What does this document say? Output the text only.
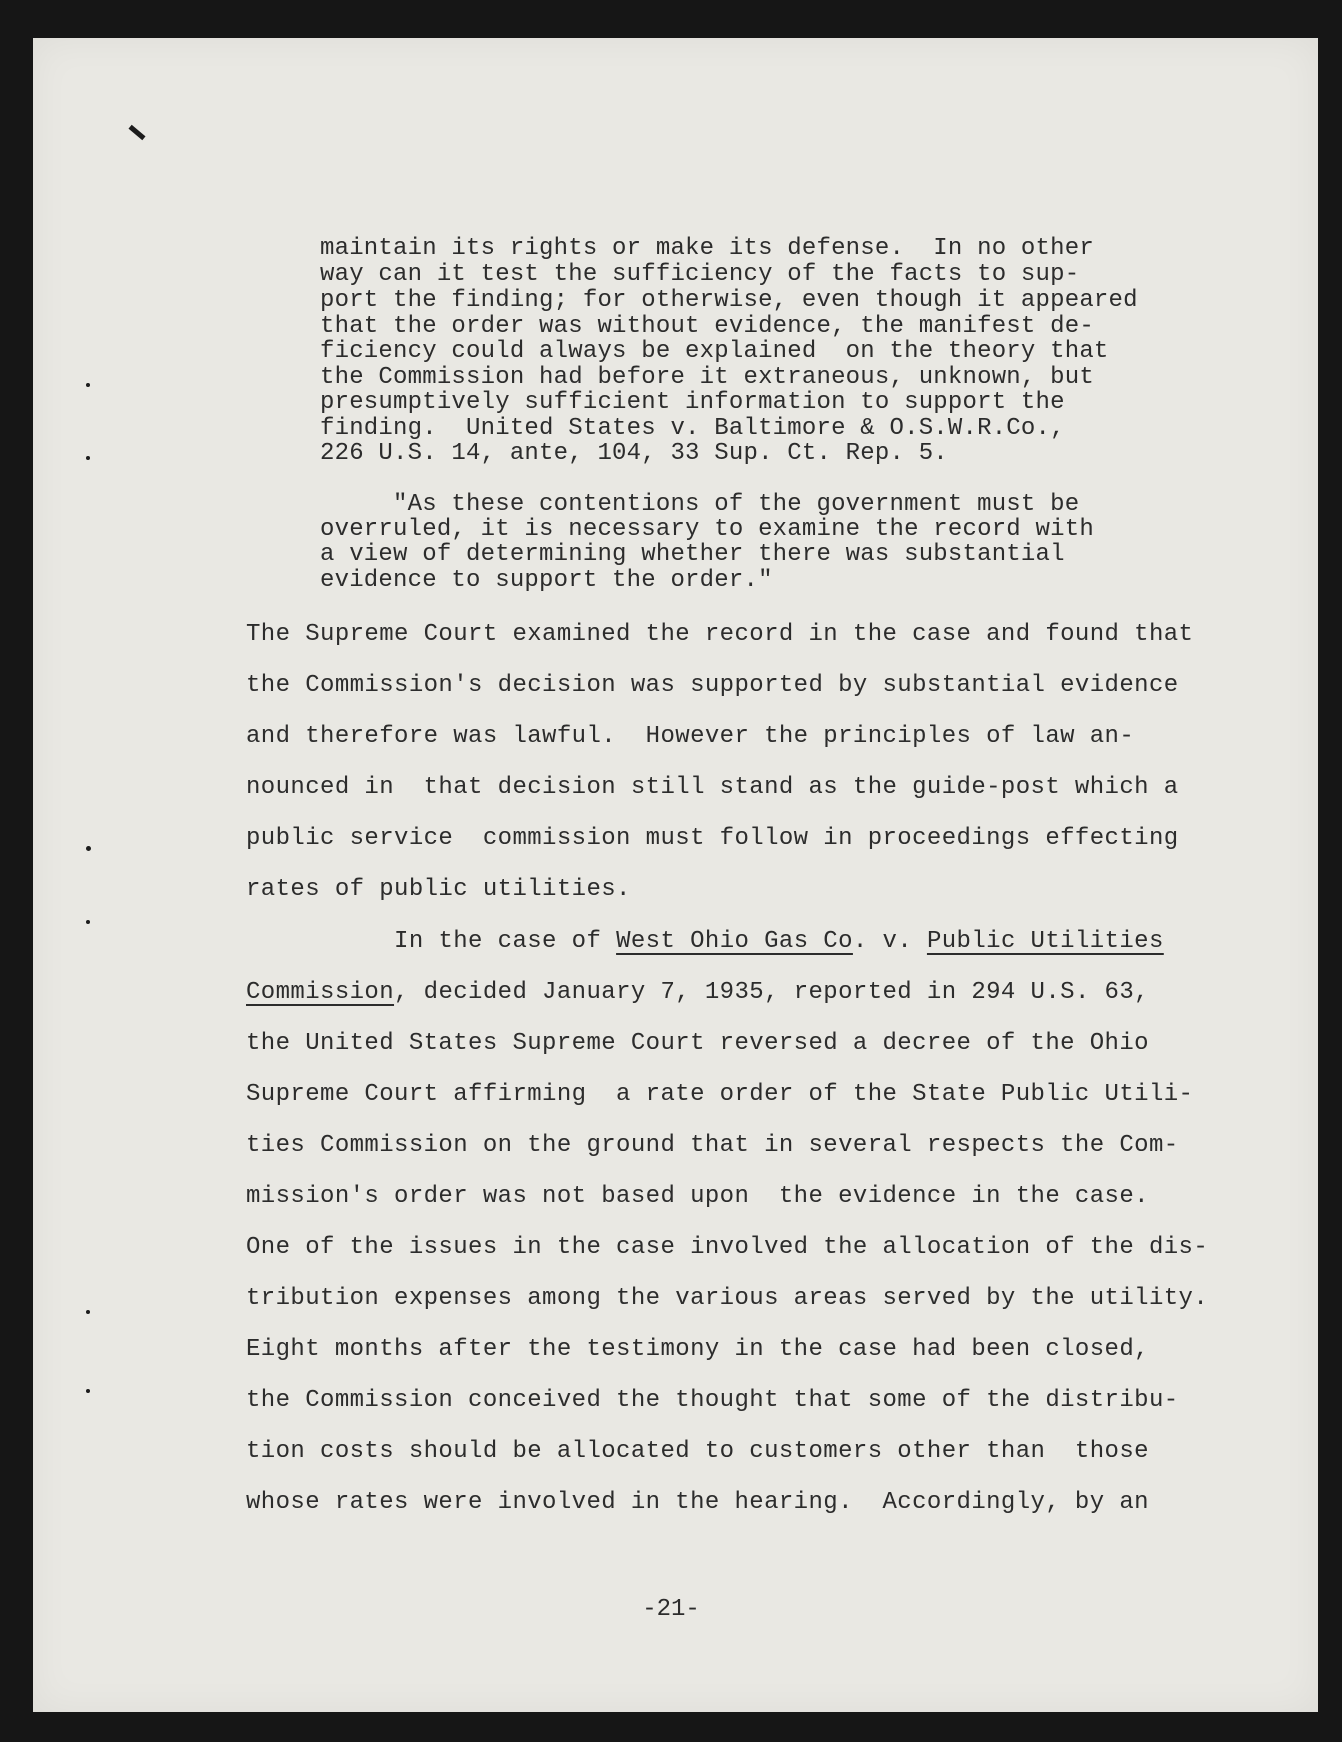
maintain its rights or make its defense.  In no other
way can it test the sufficiency of the facts to sup-
port the finding; for otherwise, even though it appeared
that the order was without evidence, the manifest de-
ficiency could always be explained  on the theory that
the Commission had before it extraneous, unknown, but
presumptively sufficient information to support the
finding.  United States v. Baltimore & O.S.W.R.Co.,
226 U.S. 14, ante, 104, 33 Sup. Ct. Rep. 5.
"As these contentions of the government must be
overruled, it is necessary to examine the record with
a view of determining whether there was substantial
evidence to support the order."
The Supreme Court examined the record in the case and found that
the Commission's decision was supported by substantial evidence
and therefore was lawful.  However the principles of law an-
nounced in  that decision still stand as the guide-post which a
public service  commission must follow in proceedings effecting
rates of public utilities.
In the case of West Ohio Gas Co. v. Public Utilities
Commission, decided January 7, 1935, reported in 294 U.S. 63,
the United States Supreme Court reversed a decree of the Ohio
Supreme Court affirming  a rate order of the State Public Utili-
ties Commission on the ground that in several respects the Com-
mission's order was not based upon  the evidence in the case.
One of the issues in the case involved the allocation of the dis-
tribution expenses among the various areas served by the utility.
Eight months after the testimony in the case had been closed,
the Commission conceived the thought that some of the distribu-
tion costs should be allocated to customers other than  those
whose rates were involved in the hearing.  Accordingly, by an
-21-
